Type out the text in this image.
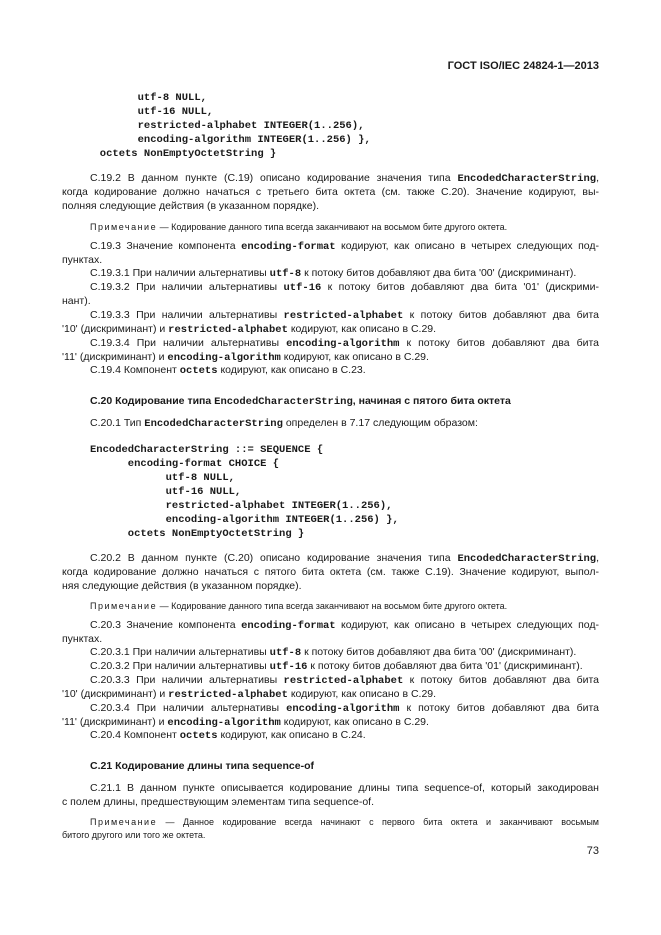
ГОСТ ISO/IEC 24824-1—2013
utf-8 NULL,
utf-16 NULL,
restricted-alphabet INTEGER(1..256),
encoding-algorithm INTEGER(1..256) },
octets NonEmptyOctetString }
С.19.2 В данном пункте (С.19) описано кодирование значения типа EncodedCharacterString,
когда кодирование должно начаться с третьего бита октета (см. также С.20). Значение кодируют, вы-
полняя следующие действия (в указанном порядке).
Примечание — Кодирование данного типа всегда заканчивают на восьмом бите другого октета.
С.19.3 Значение компонента encoding-format кодируют, как описано в четырех следующих под-
пунктах.
С.19.3.1 При наличии альтернативы utf-8 к потоку битов добавляют два бита '00' (дискриминант).
С.19.3.2 При наличии альтернативы utf-16 к потоку битов добавляют два бита '01' (дискрими-
нант).
С.19.3.3 При наличии альтернативы restricted-alphabet к потоку битов добавляют два бита
'10' (дискриминант) и restricted-alphabet кодируют, как описано в С.29.
С.19.3.4 При наличии альтернативы encoding-algorithm к потоку битов добавляют два бита
'11' (дискриминант) и encoding-algorithm кодируют, как описано в С.29.
С.19.4 Компонент octets кодируют, как описано в С.23.
С.20 Кодирование типа EncodedCharacterString, начиная с пятого бита октета
С.20.1 Тип EncodedCharacterString определен в 7.17 следующим образом:
EncodedCharacterString ::= SEQUENCE {
encoding-format CHOICE {
utf-8 NULL,
utf-16 NULL,
restricted-alphabet INTEGER(1..256),
encoding-algorithm INTEGER(1..256) },
octets NonEmptyOctetString }
С.20.2 В данном пункте (С.20) описано кодирование значения типа EncodedCharacterString,
когда кодирование должно начаться с пятого бита октета (см. также С.19). Значение кодируют, выпол-
няя следующие действия (в указанном порядке).
Примечание — Кодирование данного типа всегда заканчивают на восьмом бите другого октета.
С.20.3 Значение компонента encoding-format кодируют, как описано в четырех следующих под-
пунктах.
С.20.3.1 При наличии альтернативы utf-8 к потоку битов добавляют два бита '00' (дискриминант).
С.20.3.2 При наличии альтернативы utf-16 к потоку битов добавляют два бита '01' (дискриминант).
С.20.3.3 При наличии альтернативы restricted-alphabet к потоку битов добавляют два бита
'10' (дискриминант) и restricted-alphabet кодируют, как описано в С.29.
С.20.3.4 При наличии альтернативы encoding-algorithm к потоку битов добавляют два бита
'11' (дискриминант) и encoding-algorithm кодируют, как описано в С.29.
С.20.4 Компонент octets кодируют, как описано в С.24.
С.21 Кодирование длины типа sequence-of
С.21.1 В данном пункте описывается кодирование длины типа sequence-of, который закодирован
с полем длины, предшествующим элементам типа sequence-of.
Примечание — Данное кодирование всегда начинают с первого бита октета и заканчивают восьмым
битого другого или того же октета.
73
